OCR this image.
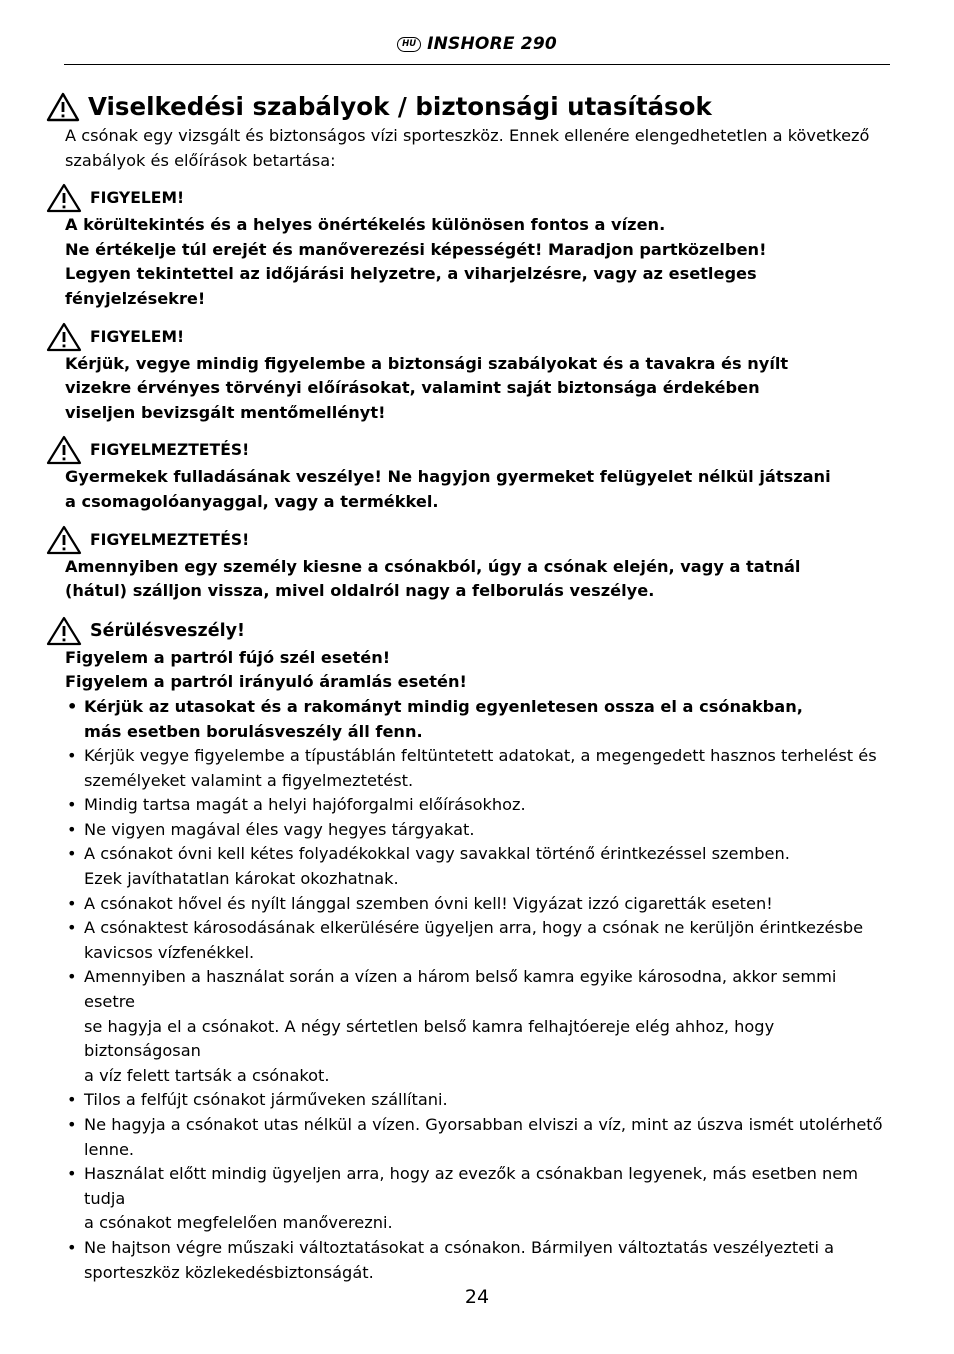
HU INSHORE 290
Viselkedési szabályok / biztonsági utasítások
A csónak egy vizsgált és biztonságos vízi sporteszköz. Ennek ellenére elengedhetetlen a következő
szabályok és előírások betartása:
FIGYELEM!
A körültekintés és a helyes önértékelés különösen fontos a vízen.
Ne értékelje túl erejét és manőverezési képességét! Maradjon partközelben!
Legyen tekintettel az időjárási helyzetre, a viharjelzésre, vagy az esetleges
fényjelzésekre!
FIGYELEM!
Kérjük, vegye mindig figyelembe a biztonsági szabályokat és a tavakra és nyílt
vizekre érvényes törvényi előírásokat, valamint saját biztonsága érdekében
viseljen bevizsgált mentőmellényt!
FIGYELMEZTETÉS!
Gyermekek fulladásának veszélye! Ne hagyjon gyermeket felügyelet nélkül játszani
a csomagolóanyaggal, vagy a termékkel.
FIGYELMEZTETÉS!
Amennyiben egy személy kiesne a csónakból, úgy a csónak elején, vagy a tatnál
(hátul) szálljon vissza, mivel oldalról nagy a felborulás veszélye.
Sérülésveszély!
Figyelem a partról fújó szél esetén!
Figyelem a partról irányuló áramlás esetén!
• Kérjük az utasokat és a rakományt mindig egyenletesen ossza el a csónakban,
más esetben borulásveszély áll fenn.
• Kérjük vegye figyelembe a típustáblán feltüntetett adatokat, a megengedett hasznos terhelést és
személyeket valamint a figyelmeztetést.
• Mindig tartsa magát a helyi hajóforgalmi előírásokhoz.
• Ne vigyen magával éles vagy hegyes tárgyakat.
• A csónakot óvni kell kétes folyadékokkal vagy savakkal történő érintkezéssel szemben.
Ezek javíthatatlan károkat okozhatnak.
• A csónakot hővel és nyílt lánggal szemben óvni kell! Vigyázat izzó cigaretták eseten!
• A csónaktest károsodásának elkerülésére ügyeljen arra, hogy a csónak ne kerüljön érintkezésbe
kavicsos vízfenékkel.
• Amennyiben a használat során a vízen a három belső kamra egyike károsodna, akkor semmi esetre
se hagyja el a csónakot. A négy sértetlen belső kamra felhajtóereje elég ahhoz, hogy biztonságosan
a víz felett tartsák a csónakot.
• Tilos a felfújt csónakot járműveken szállítani.
• Ne hagyja a csónakot utas nélkül a vízen. Gyorsabban elviszi a víz, mint az úszva ismét utolérhető
lenne.
• Használat előtt mindig ügyeljen arra, hogy az evezők a csónakban legyenek, más esetben nem tudja
a csónakot megfelelően manőverezni.
• Ne hajtson végre műszaki változtatásokat a csónakon. Bármilyen változtatás veszélyezteti a
sporteszköz közlekedésbiztonságát.
24
